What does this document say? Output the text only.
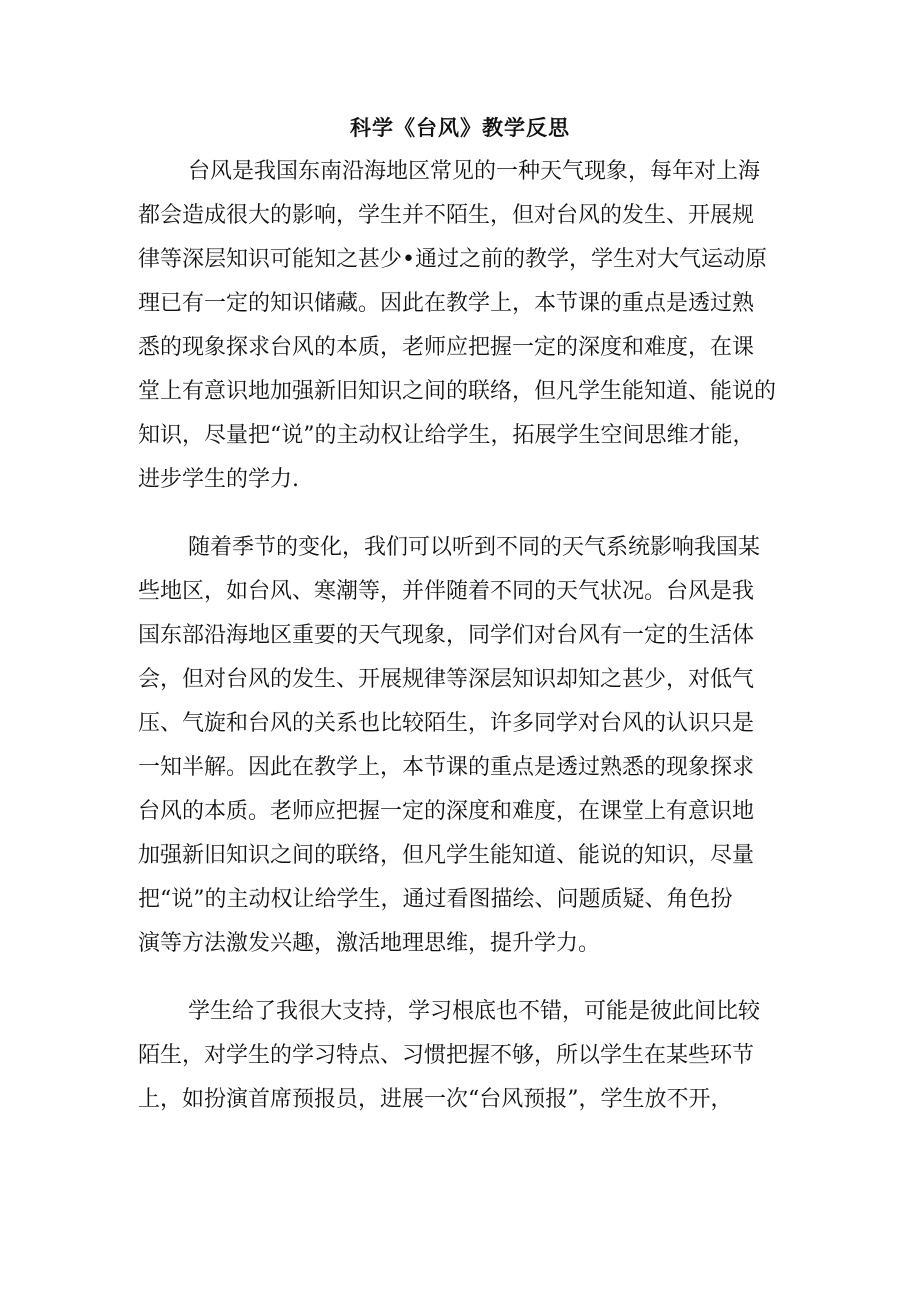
科学《台风》教学反思
台风是我国东南沿海地区常见的一种天气现象，每年对上海
都会造成很大的影响，学生并不陌生，但对台风的发生、开展规
律等深层知识可能知之甚少•通过之前的教学，学生对大气运动原
理已有一定的知识储藏。因此在教学上，本节课的重点是透过熟
悉的现象探求台风的本质，老师应把握一定的深度和难度，在课
堂上有意识地加强新旧知识之间的联络，但凡学生能知道、能说的
知识，尽量把“说”的主动权让给学生，拓展学生空间思维才能，
进步学生的学力.
随着季节的变化，我们可以听到不同的天气系统影响我国某
些地区，如台风、寒潮等，并伴随着不同的天气状况。台风是我
国东部沿海地区重要的天气现象，同学们对台风有一定的生活体
会，但对台风的发生、开展规律等深层知识却知之甚少，对低气
压、气旋和台风的关系也比较陌生，许多同学对台风的认识只是
一知半解。因此在教学上，本节课的重点是透过熟悉的现象探求
台风的本质。老师应把握一定的深度和难度，在课堂上有意识地
加强新旧知识之间的联络，但凡学生能知道、能说的知识，尽量
把“说”的主动权让给学生，通过看图描绘、问题质疑、角色扮
演等方法激发兴趣，激活地理思维，提升学力。
学生给了我很大支持，学习根底也不错，可能是彼此间比较
陌生，对学生的学习特点、习惯把握不够，所以学生在某些环节
上，如扮演首席预报员，进展一次“台风预报”，学生放不开，
